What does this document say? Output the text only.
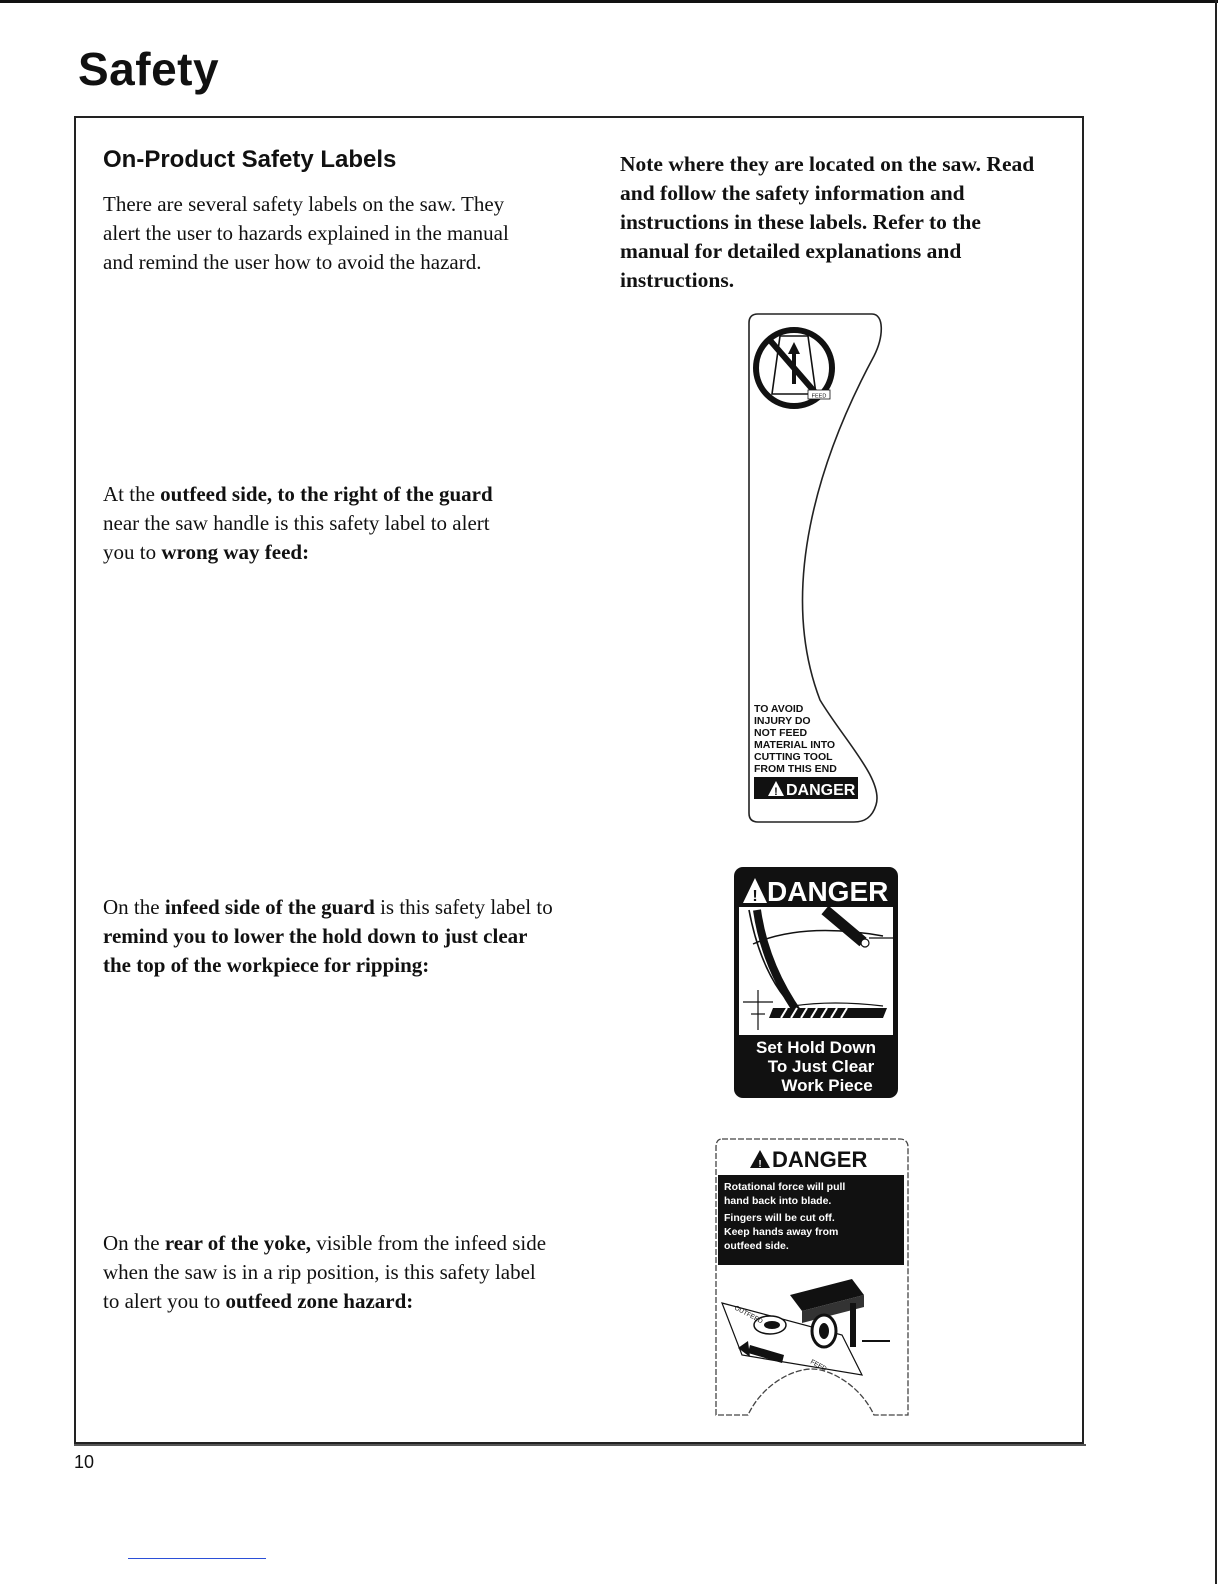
Safety
On-Product Safety Labels

There are several safety labels on the saw. They alert the user to hazards explained in the manual and remind the user how to avoid the hazard.

Note where they are located on the saw. Read and follow the safety information and instructions in these labels. Refer to the manual for detailed explanations and instructions.

At the outfeed side, to the right of the guard near the saw handle is this safety label to alert you to wrong way feed:

On the infeed side of the guard is this safety label to remind you to lower the hold down to just clear the top of the workpiece for ripping:

On the rear of the yoke, visible from the infeed side when the saw is in a rip position, is this safety label to alert you to outfeed zone hazard:

FEED
TO AVOID
INJURY DO
NOT FEED
MATERIAL INTO
CUTTING TOOL
FROM THIS END
! DANGER
! DANGER
Set Hold Down
To Just Clear
Work Piece
! DANGER
Rotational force will pull
hand back into blade.
Fingers will be cut off.
Keep hands away from
outfeed side.
OUTFEED
FEED

10
